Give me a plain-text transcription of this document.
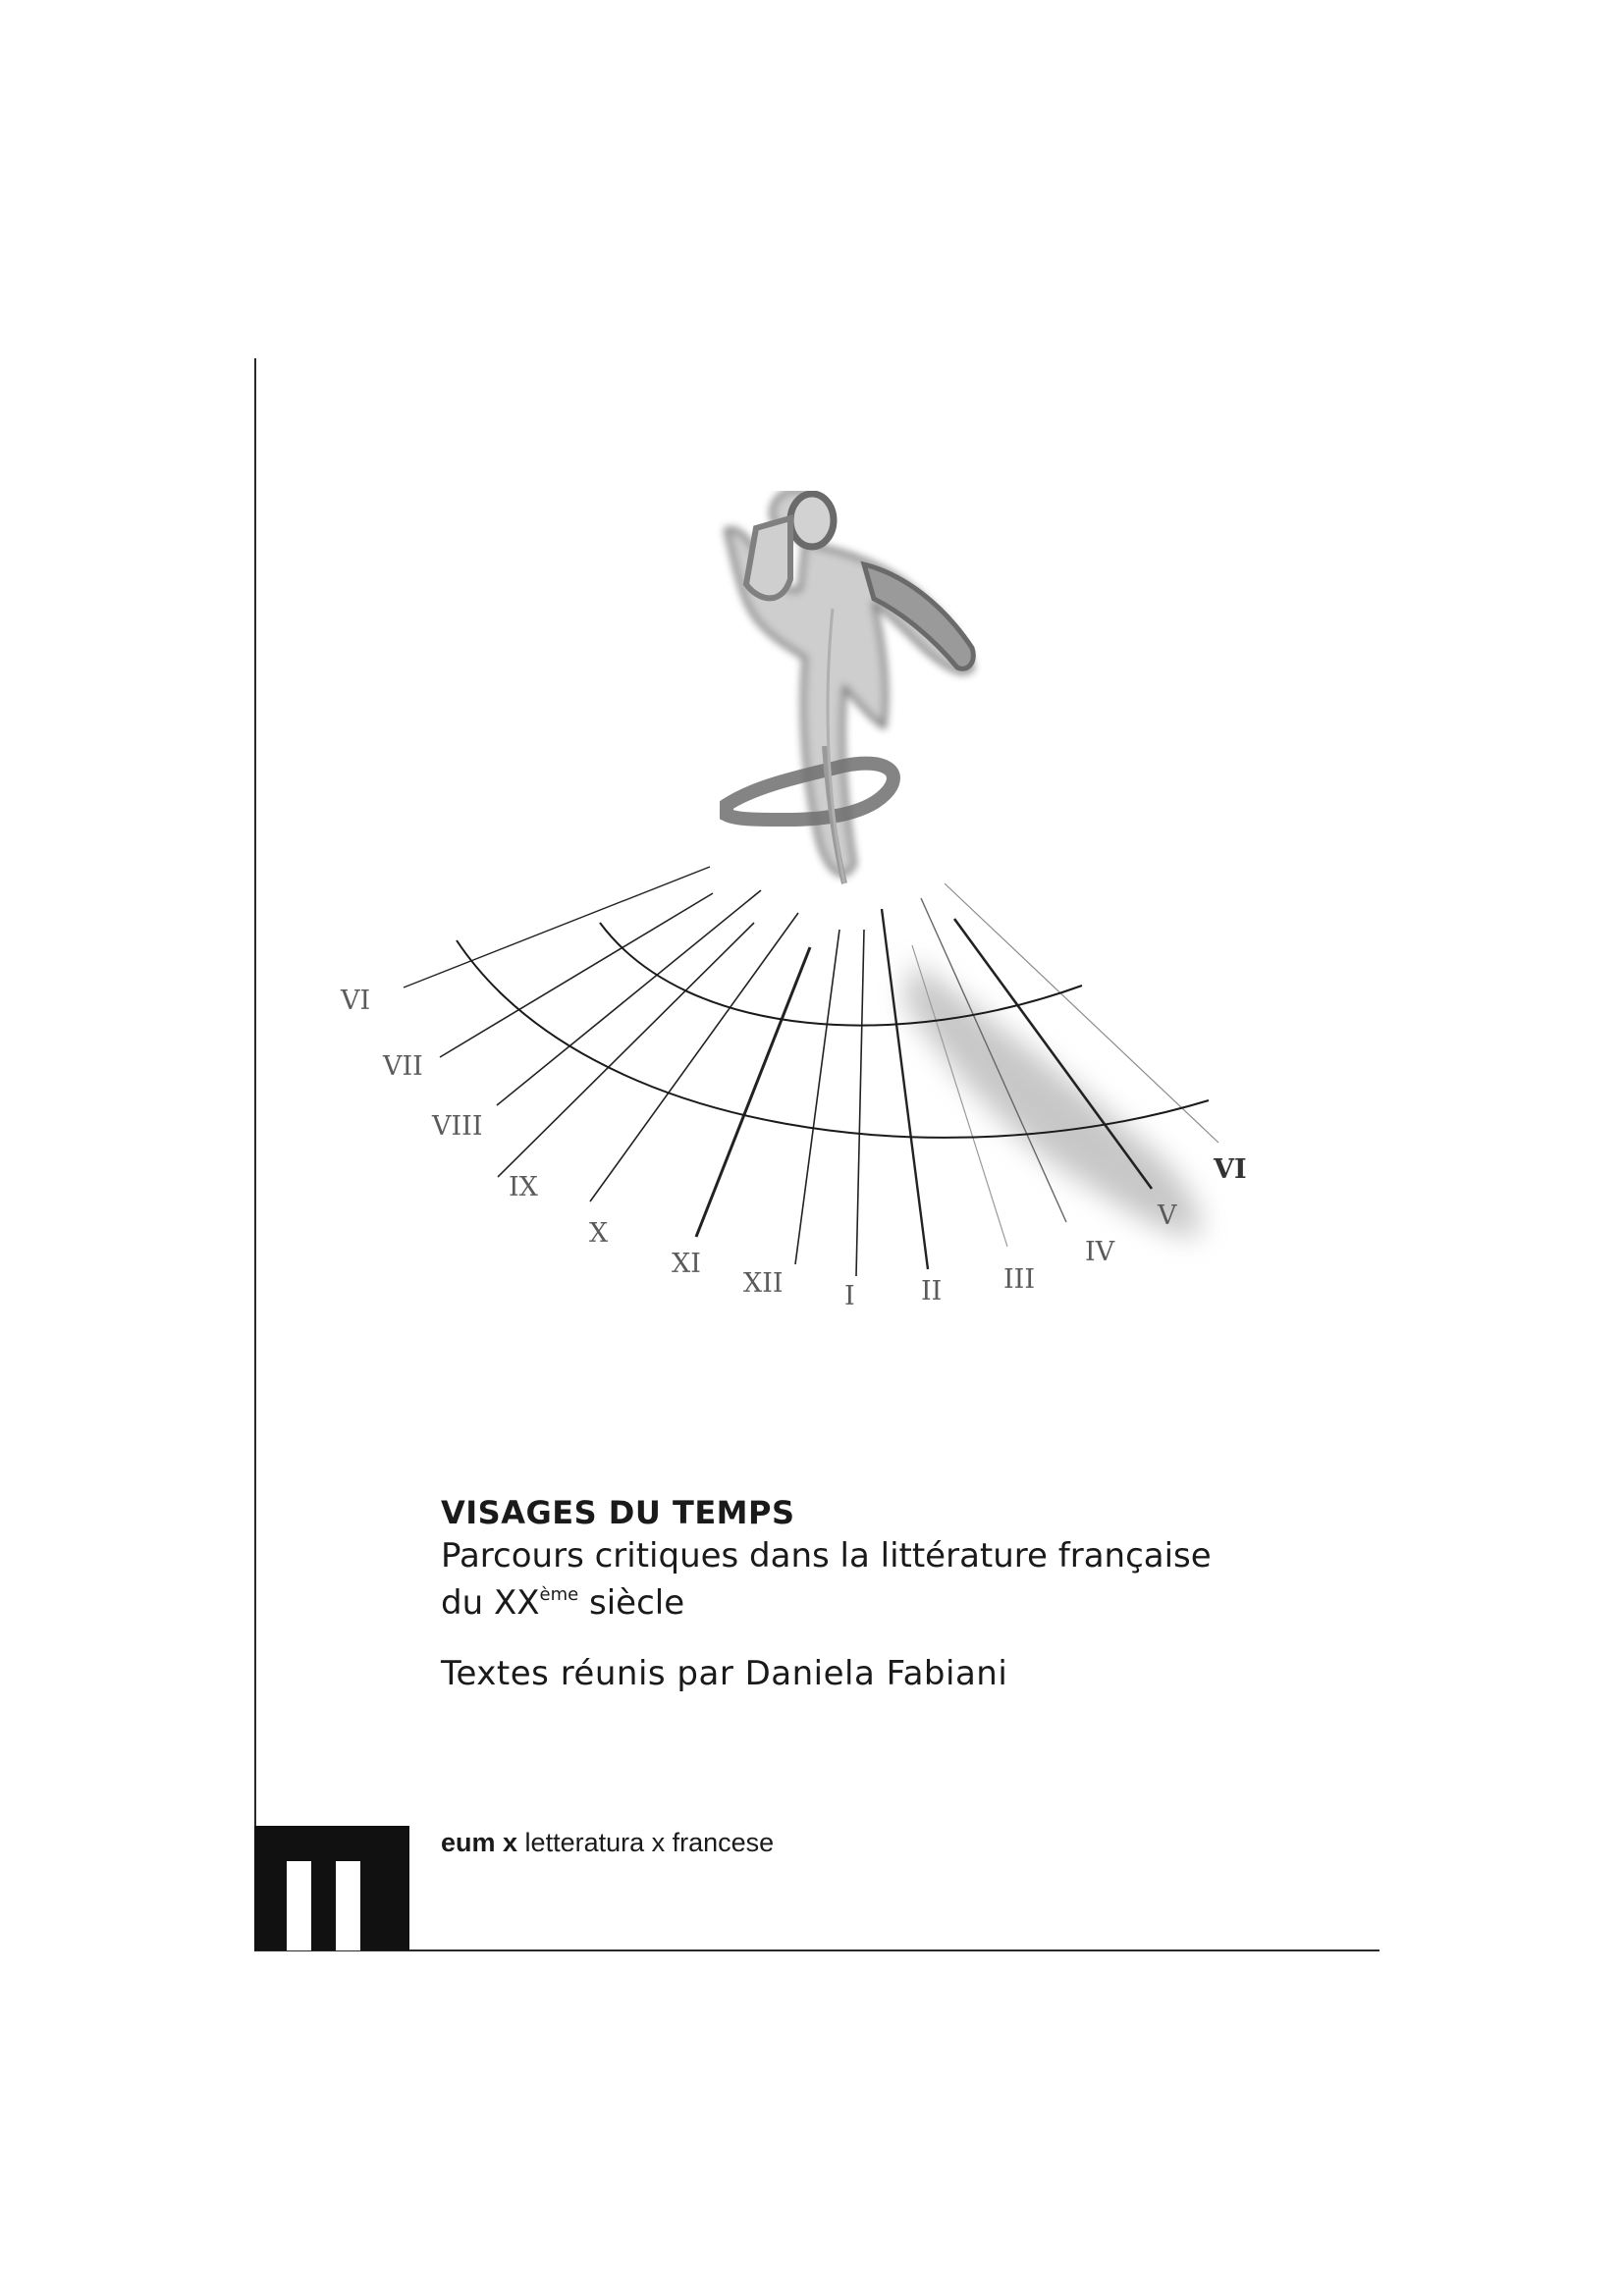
VI
VII
VIII
IX
X
XI
XII I II III
IV
V
VI
VISAGES DU TEMPS
Parcours critiques dans la littérature française
du XXème siècle
Textes réunis par Daniela Fabiani
eum x letteratura x francese
